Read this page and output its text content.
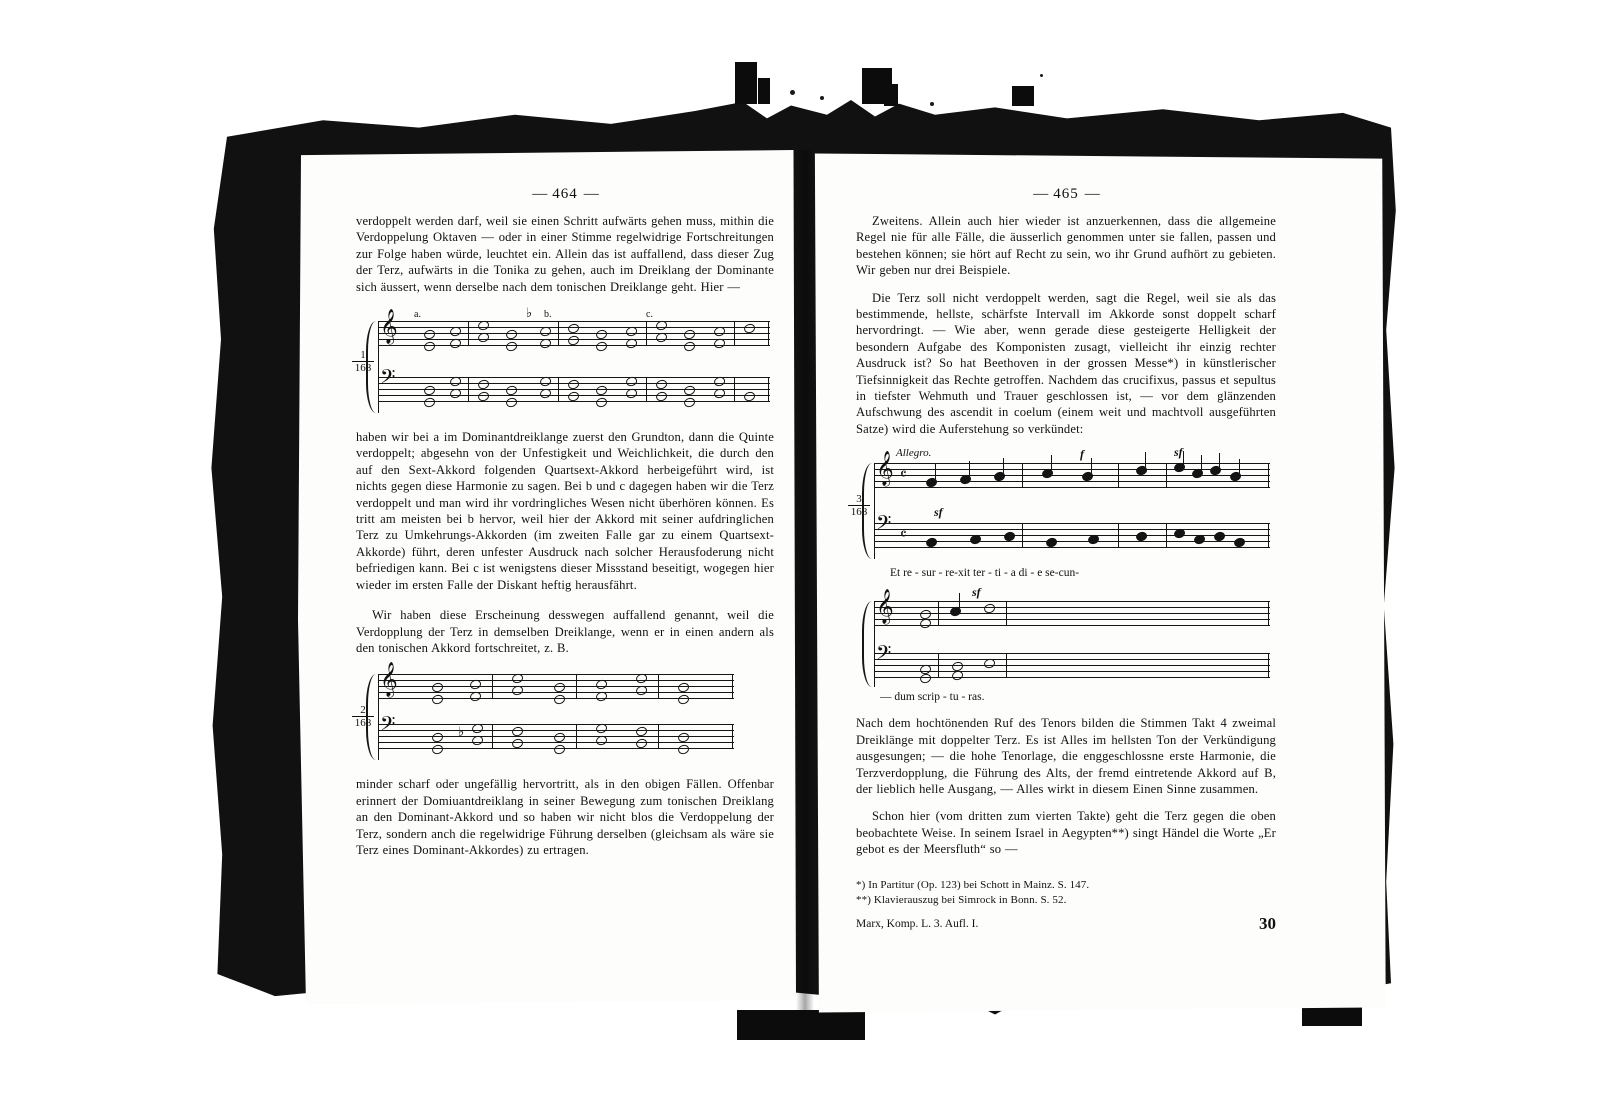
— 464 —

verdoppelt werden darf, weil sie einen Schritt aufwärts gehen muss, mithin die Verdoppelung Oktaven — oder in einer Stimme regelwidrige Fortschreitungen zur Folge haben würde, leuchtet ein. Allein das ist auffallend, dass dieser Zug der Terz, aufwärts in die Tonika zu gehen, auch im Dreiklang der Dominante sich äussert, wenn derselbe nach dem tonischen Dreiklange geht. Hier —

$\frac{1}{168}$
a.	b.	c.
𝄞	♭
𝄢

haben wir bei a im Dominantdreiklange zuerst den Grundton, dann die Quinte verdoppelt; abgesehn von der Unfestigkeit und Weichlichkeit, die durch den auf den Sext-Akkord folgenden Quartsext-Akkord herbeigeführt wird, ist nichts gegen diese Harmonie zu sagen. Bei b und c dagegen haben wir die Terz verdoppelt und man wird ihr vordringliches Wesen nicht überhören können. Es tritt am meisten bei b hervor, weil hier der Akkord mit seiner aufdringlichen Terz zu Umkehrungs-Akkorden (im zweiten Falle gar zu einem Quartsext-Akkorde) führt, deren unfester Ausdruck nach solcher Herausfoderung nicht befriedigen kann. Bei c ist wenigstens dieser Missstand beseitigt, wogegen hier wieder im ersten Falle der Diskant heftig herausfährt.

Wir haben diese Erscheinung desswegen auffallend genannt, weil die Verdopplung der Terz in demselben Dreiklange, wenn er in einen andern als den tonischen Akkord fortschreitet, z. B.

$\frac{2}{168}$
𝄞
𝄢	♭

minder scharf oder ungefällig hervortritt, als in den obigen Fällen. Offenbar erinnert der Domiuantdreiklang in seiner Bewegung zum tonischen Dreiklang an den Dominant-Akkord und so haben wir nicht blos die Verdoppelung der Terz, sondern anch die regelwidrige Führung derselben (gleichsam als wäre sie Terz eines Dominant-Akkordes) zu ertragen.

— 465 —

Zweitens. Allein auch hier wieder ist anzuerkennen, dass die allgemeine Regel nie für alle Fälle, die äusserlich genommen unter sie fallen, passen und bestehen können; sie hört auf Recht zu sein, wo ihr Grund aufhört zu gebieten. Wir geben nur drei Beispiele.

Die Terz soll nicht verdoppelt werden, sagt die Regel, weil sie als das bestimmende, hellste, schärfste Intervall im Akkorde sonst doppelt scharf hervordringt. — Wie aber, wenn gerade diese gesteigerte Helligkeit der besondern Aufgabe des Komponisten zusagt, vielleicht ihr einzig rechter Ausdruck ist? So hat Beethoven in der grossen Messe*) in künstlerischer Tiefsinnigkeit das Rechte getroffen. Nachdem das crucifixus, passus et sepultus in tiefster Wehmuth und Trauer geschlossen ist, — vor dem glänzenden Aufschwung des ascendit in coelum (einem weit und machtvoll ausgeführten Satze) wird die Auferstehung so verkündet:

$\frac{3}{168}$
Allegro.
𝄞 𝄴
f	sf
𝄢 𝄴
sf
Et re - sur - re-xit ter - ti - a di - e se-cun-
𝄞	sf
𝄢
— dum scrip - tu - ras.

Nach dem hochtönenden Ruf des Tenors bilden die Stimmen Takt 4 zweimal Dreiklänge mit doppelter Terz. Es ist Alles im hellsten Ton der Verkündigung ausgesungen; — die hohe Tenorlage, die enggeschlossne erste Harmonie, die Terzverdopplung, die Führung des Alts, der fremd eintretende Akkord auf B, der lieblich helle Ausgang, — Alles wirkt in diesem Einen Sinne zusammen.

Schon hier (vom dritten zum vierten Takte) geht die Terz gegen die oben beobachtete Weise. In seinem Israel in Aegypten**) singt Händel die Worte „Er gebot es der Meersfluth“ so —

*) In Partitur (Op. 123) bei Schott in Mainz. S. 147.
**) Klavierauszug bei Simrock in Bonn. S. 52.
Marx, Komp. L. 3. Aufl. I.	30
